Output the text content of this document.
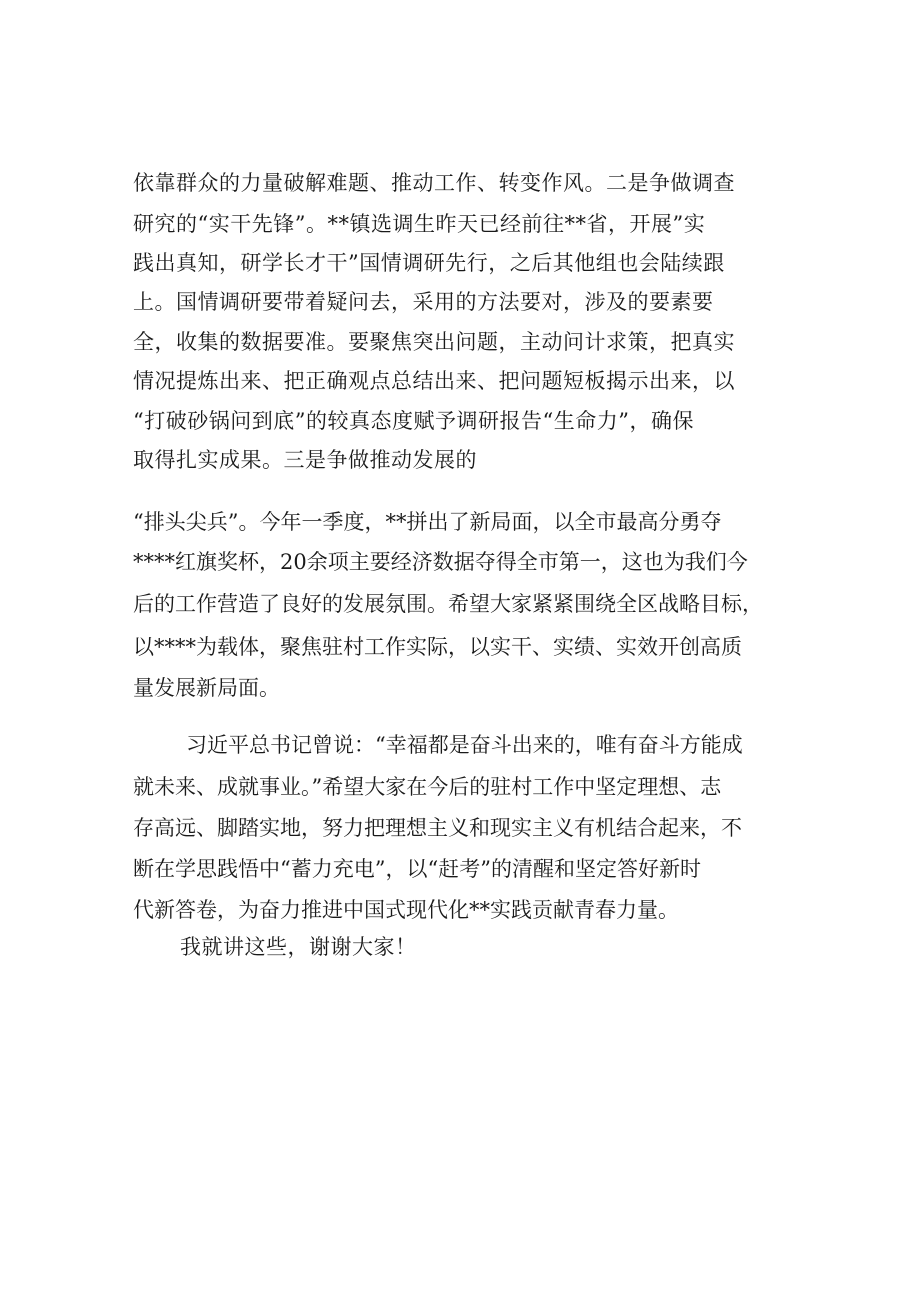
依靠群众的力量破解难题、推动工作、转变作风。二是争做调查
研究的“实干先锋”。**镇选调生昨天已经前往**省，开展”实
践出真知，研学长才干”国情调研先行，之后其他组也会陆续跟
上。国情调研要带着疑问去，采用的方法要对，涉及的要素要
全，收集的数据要准。要聚焦突出问题，主动问计求策，把真实
情况提炼出来、把正确观点总结出来、把问题短板揭示出来，以
“打破砂锅问到底”的较真态度赋予调研报告“生命力”，确保
取得扎实成果。三是争做推动发展的
“排头尖兵”。今年一季度，**拼出了新局面，以全市最高分勇夺
****红旗奖杯，20余项主要经济数据夺得全市第一，这也为我们今
后的工作营造了良好的发展氛围。希望大家紧紧围绕全区战略目标，
以****为载体，聚焦驻村工作实际，以实干、实绩、实效开创高质
量发展新局面。
习近平总书记曾说：“幸福都是奋斗出来的，唯有奋斗方能成
就未来、成就事业。”希望大家在今后的驻村工作中坚定理想、志
存高远、脚踏实地，努力把理想主义和现实主义有机结合起来，不
断在学思践悟中“蓄力充电”，以“赶考”的清醒和坚定答好新时
代新答卷，为奋力推进中国式现代化**实践贡献青春力量。
我就讲这些，谢谢大家！
